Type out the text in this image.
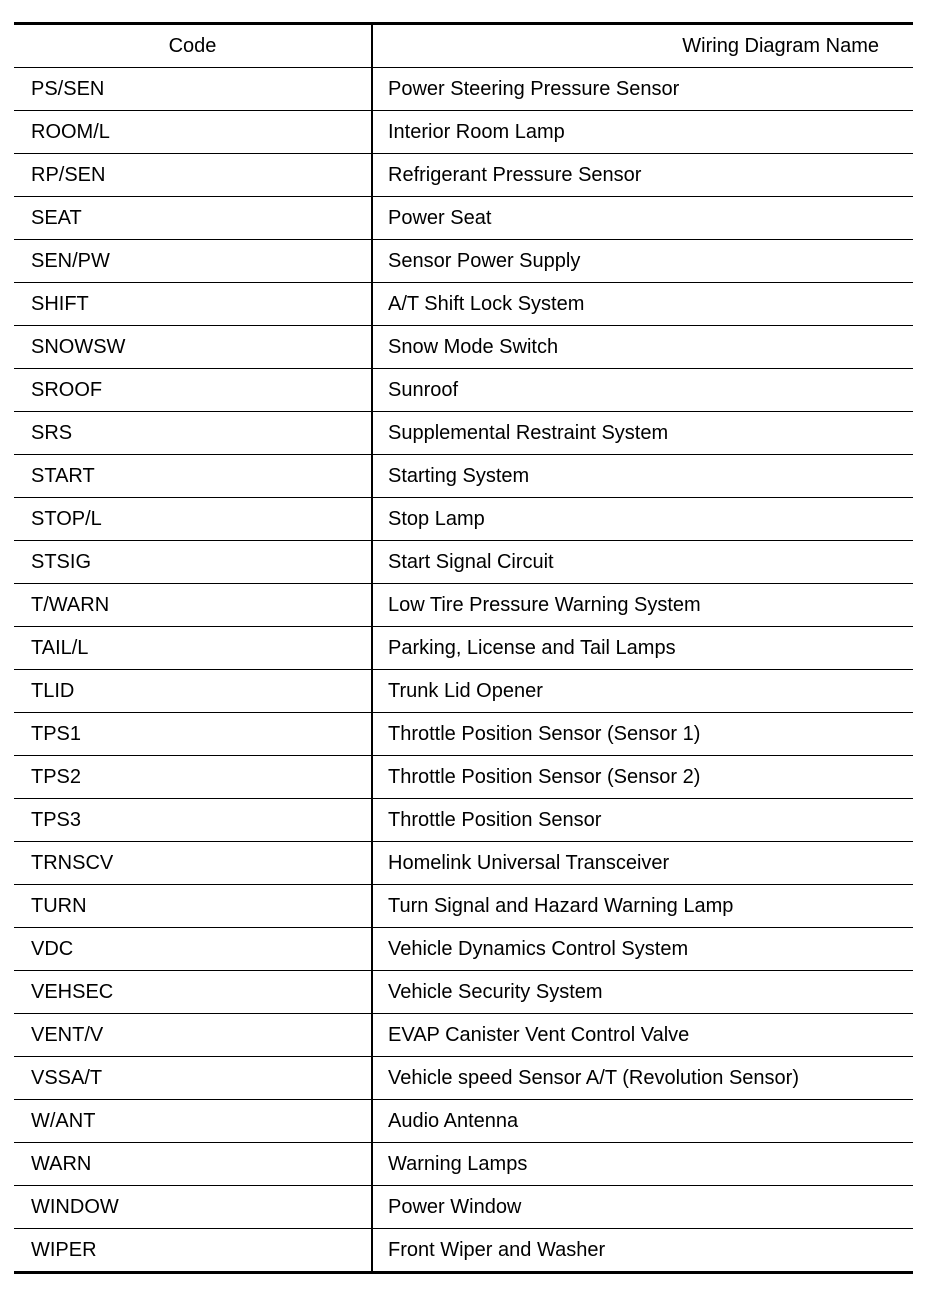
Code	Wiring Diagram Name
PS/SEN	Power Steering Pressure Sensor
ROOM/L	Interior Room Lamp
RP/SEN	Refrigerant Pressure Sensor
SEAT	Power Seat
SEN/PW	Sensor Power Supply
SHIFT	A/T Shift Lock System
SNOWSW	Snow Mode Switch
SROOF	Sunroof
SRS	Supplemental Restraint System
START	Starting System
STOP/L	Stop Lamp
STSIG	Start Signal Circuit
T/WARN	Low Tire Pressure Warning System
TAIL/L	Parking, License and Tail Lamps
TLID	Trunk Lid Opener
TPS1	Throttle Position Sensor (Sensor 1)
TPS2	Throttle Position Sensor (Sensor 2)
TPS3	Throttle Position Sensor
TRNSCV	Homelink Universal Transceiver
TURN	Turn Signal and Hazard Warning Lamp
VDC	Vehicle Dynamics Control System
VEHSEC	Vehicle Security System
VENT/V	EVAP Canister Vent Control Valve
VSSA/T	Vehicle speed Sensor A/T (Revolution Sensor)
W/ANT	Audio Antenna
WARN	Warning Lamps
WINDOW	Power Window
WIPER	Front Wiper and Washer
